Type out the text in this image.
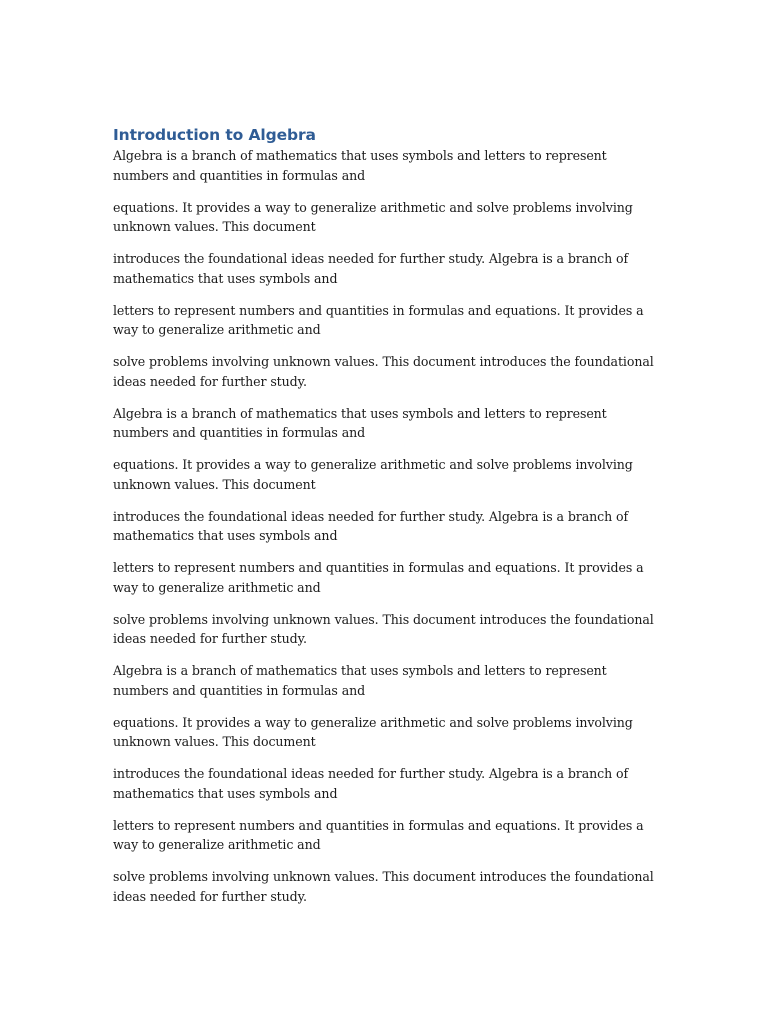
Introduction to Algebra

Algebra is a branch of mathematics that uses symbols and letters to represent numbers and quantities in formulas and

equations. It provides a way to generalize arithmetic and solve problems involving unknown values. This document

introduces the foundational ideas needed for further study. Algebra is a branch of mathematics that uses symbols and

letters to represent numbers and quantities in formulas and equations. It provides a way to generalize arithmetic and

solve problems involving unknown values. This document introduces the foundational ideas needed for further study.

Algebra is a branch of mathematics that uses symbols and letters to represent numbers and quantities in formulas and

equations. It provides a way to generalize arithmetic and solve problems involving unknown values. This document

introduces the foundational ideas needed for further study. Algebra is a branch of mathematics that uses symbols and

letters to represent numbers and quantities in formulas and equations. It provides a way to generalize arithmetic and

solve problems involving unknown values. This document introduces the foundational ideas needed for further study.

Algebra is a branch of mathematics that uses symbols and letters to represent numbers and quantities in formulas and

equations. It provides a way to generalize arithmetic and solve problems involving unknown values. This document

introduces the foundational ideas needed for further study. Algebra is a branch of mathematics that uses symbols and

letters to represent numbers and quantities in formulas and equations. It provides a way to generalize arithmetic and

solve problems involving unknown values. This document introduces the foundational ideas needed for further study.
